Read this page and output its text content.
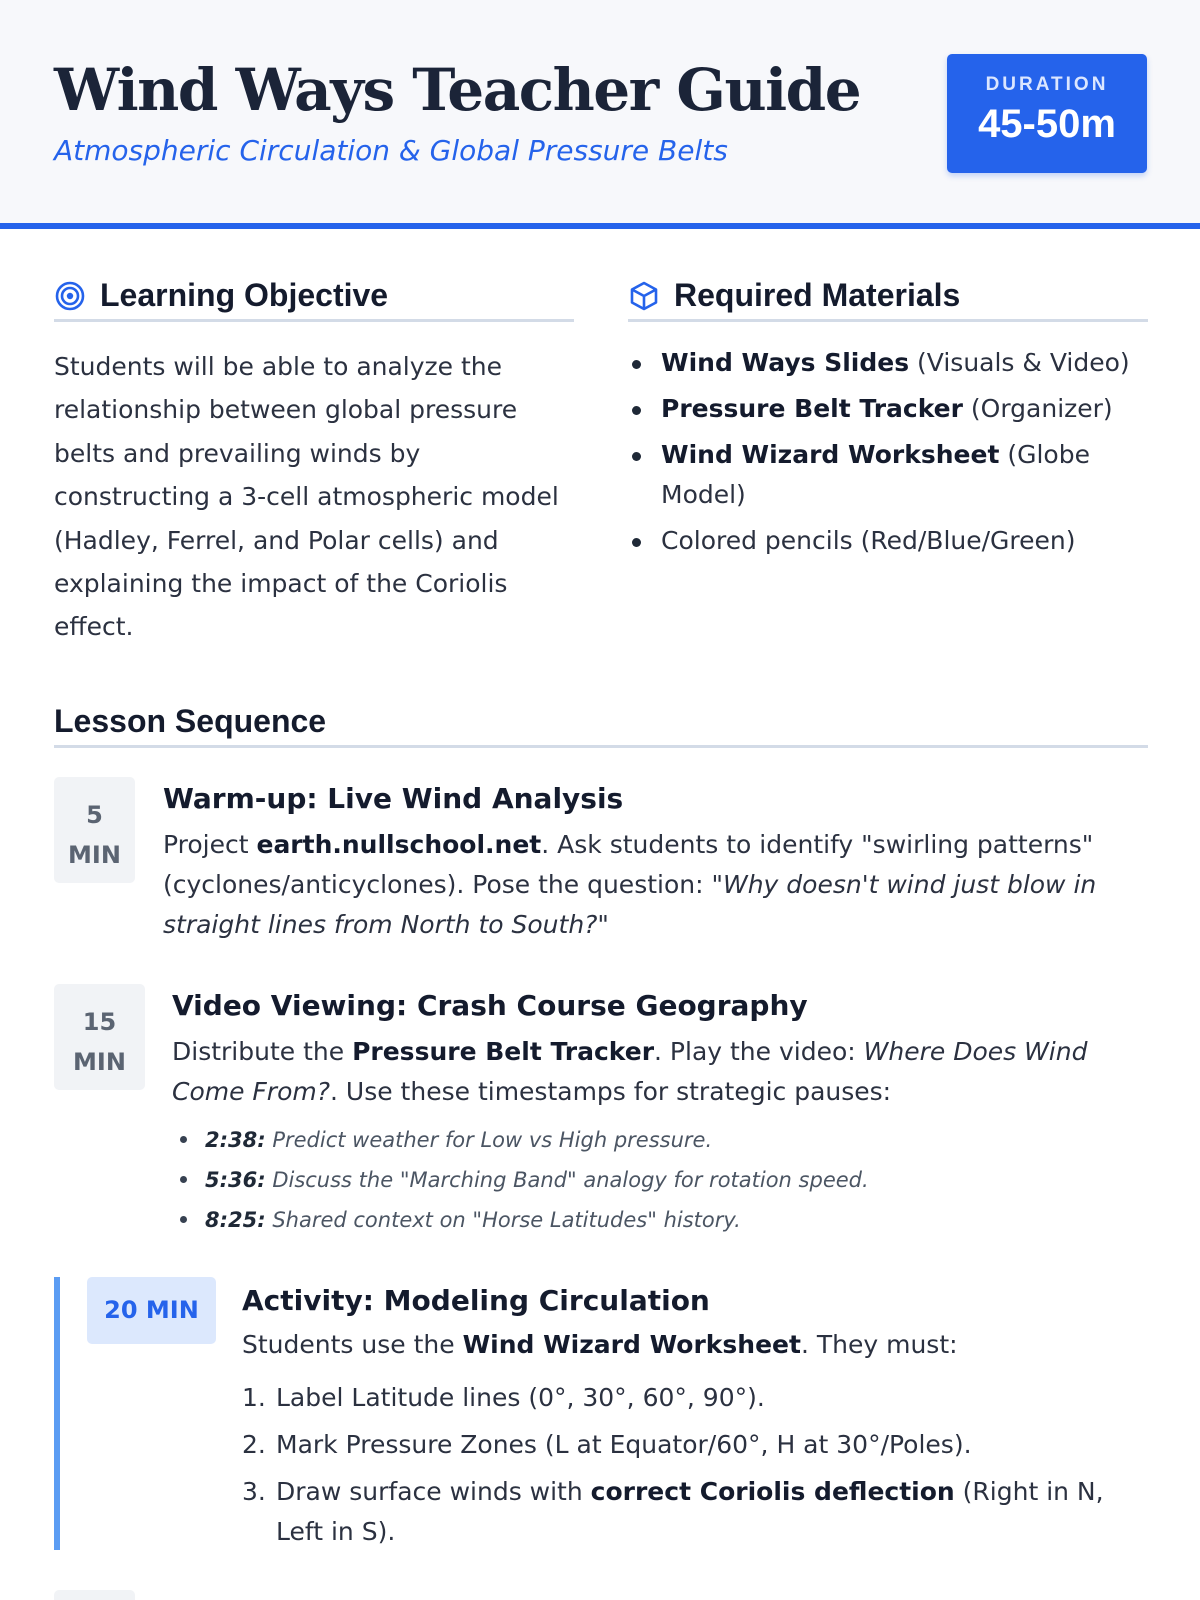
Wind Ways Teacher Guide
Atmospheric Circulation & Global Pressure Belts
DURATION
45-50m
Learning Objective

Students will be able to analyze the relationship between global pressure belts and prevailing winds by constructing a 3-cell atmospheric model (Hadley, Ferrel, and Polar cells) and explaining the impact of the Coriolis effect.

Required Materials
Wind Ways Slides (Visuals & Video)
Pressure Belt Tracker (Organizer)
Wind Wizard Worksheet (Globe Model)
Colored pencils (Red/Blue/Green)
Lesson Sequence
5
MIN
Warm-up: Live Wind Analysis

Project earth.nullschool.net. Ask students to identify "swirling patterns" (cyclones/anticyclones). Pose the question: "Why doesn't wind just blow in straight lines from North to South?"

15
MIN
Video Viewing: Crash Course Geography

Distribute the Pressure Belt Tracker. Play the video: Where Does Wind Come From?. Use these timestamps for strategic pauses:

2:38: Predict weather for Low vs High pressure.
5:36: Discuss the "Marching Band" analogy for rotation speed.
8:25: Shared context on "Horse Latitudes" history.
20 MIN	Activity: Modeling Circulation

Students use the Wind Wizard Worksheet. They must:

1. Label Latitude lines (0°, 30°, 60°, 90°).
2. Mark Pressure Zones (L at Equator/60°, H at 30°/Poles).
3. Draw surface winds with correct Coriolis deflection (Right in N, Left in S).
